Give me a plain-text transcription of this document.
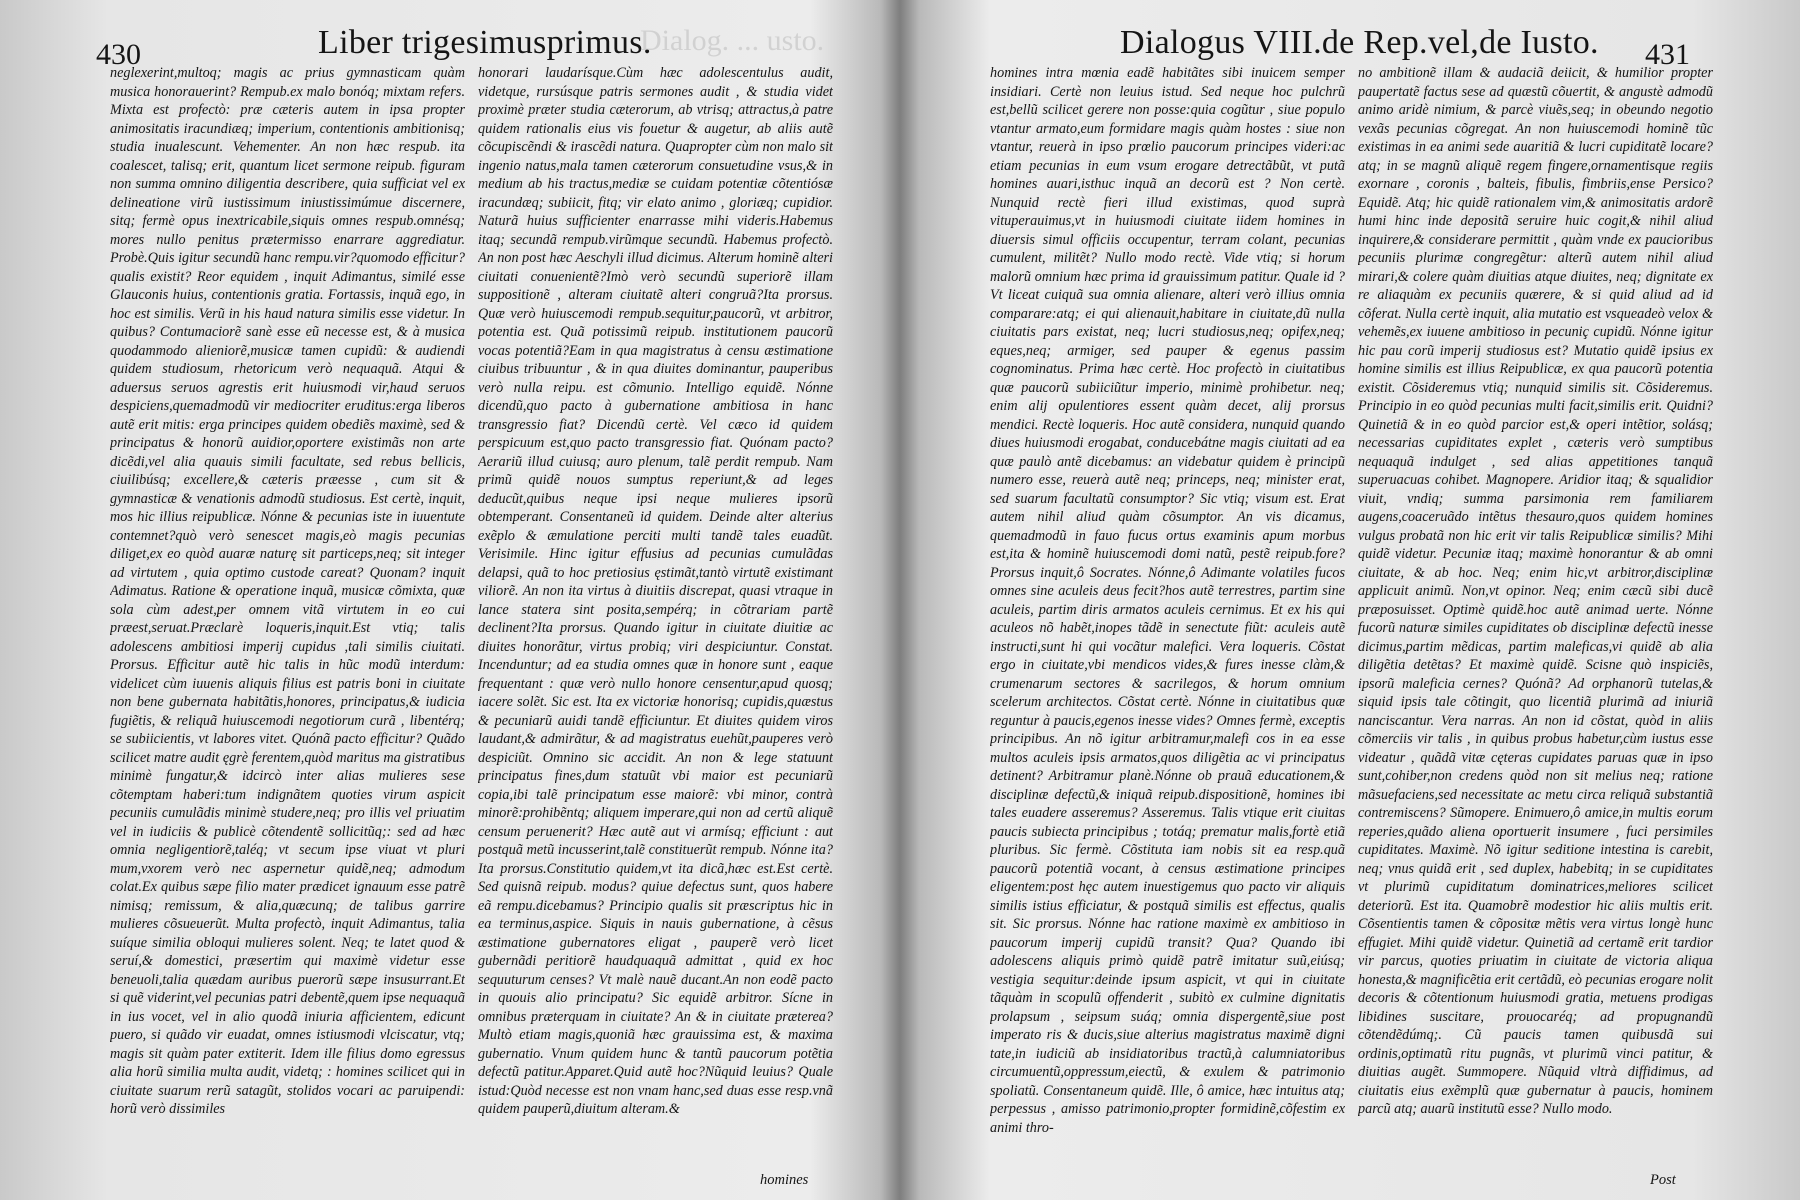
430	Liber trigesimusprimus.
Dialog. ... usto.
neglexerint,multoq; magis ac prius gymnasticam quàm musica honorauerint? Rempub.ex malo bonóq; mixtam refers. Mixta est profectò: præ cæteris autem in ipsa propter animositatis iracundiæq; imperium, contentionis ambitionisq; studia inualescunt. Vehementer. An non hæc respub. ita coalescet, talisq; erit, quantum licet sermone reipub. figuram non summa omnino diligentia describere, quia sufficiat vel ex delineatione virũ iustissimum iniustissimúmue discernere, sitq; fermè opus inextricabile,siquis omnes respub.omnésq; mores nullo penitus prætermisso enarrare aggrediatur. Probè.Quis igitur secundũ hanc rempu.vir?quomodo efficitur?qualis existit? Reor equidem , inquit Adimantus, similé esse Glauconis huius, contentionis gratia. Fortassis, inquã ego, in hoc est similis. Verũ in his haud natura similis esse videtur. In quibus? Contumaciorẽ sanè esse eũ necesse est, & à musica quodammodo alieniorẽ,musicæ tamen cupidũ: & audiendi quidem studiosum, rhetoricum verò nequaquã. Atqui & aduersus seruos agrestis erit huiusmodi vir,haud seruos despiciens,quemadmodũ vir mediocriter eruditus:erga liberos autẽ erit mitis: erga principes quidem obediẽs maximè, sed & principatus & honorũ auidior,oportere existimãs non arte dicẽdi,vel alia quauis simili facultate, sed rebus bellicis, ciuilibúsq; excellere,& cæteris præesse , cum sit & gymnasticæ & venationis admodũ studiosus. Est certè, inquit, mos hic illius reipublicæ. Nónne & pecunias iste in iuuentute contemnet?quò verò senescet magis,eò magis pecunias diliget,ex eo quòd auaræ naturę sit particeps,neq; sit integer ad virtutem , quia optimo custode careat? Quonam? inquit Adimatus. Ratione & operatione inquã, musicæ cõmixta, quæ sola cùm adest,per omnem vitã virtutem in eo cui præest,seruat.Præclarè loqueris,inquit.Est vtiq; talis adolescens ambitiosi imperij cupidus ,tali similis ciuitati. Prorsus. Efficitur autẽ hic talis in hũc modũ interdum: videlicet cùm iuuenis aliquis filius est patris boni in ciuitate non bene gubernata habitãtis,honores, principatus,& iudicia fugiẽtis, & reliquã huiuscemodi negotiorum curã , libentérq; se subiicientis, vt labores vitet. Quónã pacto efficitur? Quãdo scilicet matre audit ęgrè ferentem,quòd maritus ma gistratibus minimè fungatur,& idcircò inter alias mulieres sese cõtemptam haberi:tum indignãtem quoties virum aspicit pecuniis cumulãdis minimè studere,neq; pro illis vel priuatim vel in iudiciis & publicè cõtendentẽ sollicitũq;: sed ad hæc omnia negligentiorẽ,taléq; vt secum ipse viuat vt pluri mum,vxorem verò nec aspernetur quidẽ,neq; admodum colat.Ex quibus sæpe filio mater prædicet ignauum esse patrẽ nimisq; remissum, & alia,quæcunq; de talibus garrire mulieres cõsueuerũt. Multa profectò, inquit Adimantus, talia suíque similia obloqui mulieres solent. Neq; te latet quod & seruí,& domestici, præsertim qui maximè videtur esse beneuoli,talia quædam auribus puerorũ sæpe insusurrant.Et si quẽ viderint,vel pecunias patri debentẽ,quem ipse nequaquã in ius vocet, vel in alio quodã iniuria afficientem, edicunt puero, si quãdo vir euadat, omnes istiusmodi vlciscatur, vtq; magis sit quàm pater extiterit. Idem ille filius domo egressus alia horũ similia multa audit, videtq; : homines scilicet qui in ciuitate suarum rerũ satagũt, stolidos vocari ac paruipendi: horũ verò dissimiles
honorari laudarísque.Cùm hæc adolescentulus audit, videtque, rursúsque patris sermones audit , & studia videt proximè præter studia cæterorum, ab vtrisq; attractus,à patre quidem rationalis eius vis fouetur & augetur, ab aliis autẽ cõcupiscẽndi & irascẽdi natura. Quapropter cùm non malo sit ingenio natus,mala tamen cæterorum consuetudine vsus,& in medium ab his tractus,mediæ se cuidam potentiæ cõtentiósæ iracundæq; subiicit, fitq; vir elato animo , gloriæq; cupidior. Naturã huius sufficienter enarrasse mihi videris.Habemus itaq; secundã rempub.virũmque secundũ. Habemus profectò. An non post hæc Aeschyli illud dicimus. Alterum hominẽ alteri ciuitati conuenientẽ?Imò verò secundũ superiorẽ illam suppositionẽ , alteram ciuitatẽ alteri congruã?Ita prorsus. Quæ verò huiuscemodi rempub.sequitur,paucorũ, vt arbitror, potentia est. Quã potissimũ reipub. institutionem paucorũ vocas potentiã?Eam in qua magistratus à censu æstimatione ciuibus tribuuntur , & in qua diuites dominantur, pauperibus verò nulla reipu. est cõmunio. Intelligo equidẽ. Nónne dicendũ,quo pacto à gubernatione ambitiosa in hanc transgressio fiat? Dicendũ certè. Vel cæco id quidem perspicuum est,quo pacto transgressio fiat. Quónam pacto?Aerariũ illud cuiusq; auro plenum, talẽ perdit rempub. Nam primũ quidẽ nouos sumptus reperiunt,& ad leges deducũt,quibus neque ipsi neque mulieres ipsorũ obtemperant. Consentaneũ id quidem. Deinde alter alterius exẽplo & æmulatione perciti multi tandẽ tales euadũt. Verisimile. Hinc igitur effusius ad pecunias cumulãdas delapsi, quã to hoc pretiosius ęstimãt,tantò virtutẽ existimant viliorẽ. An non ita virtus à diuitiis discrepat, quasi vtraque in lance statera sint posita,sempérq; in cõtrariam partẽ declinent?Ita prorsus. Quando igitur in ciuitate diuitiæ ac diuites honorãtur, virtus probiq; viri despiciuntur. Constat. Incenduntur; ad ea studia omnes quæ in honore sunt , eaque frequentant : quæ verò nullo honore censentur,apud quosq; iacere solẽt. Sic est. Ita ex victoriæ honorisq; cupidis,quæstus & pecuniarũ auidi tandẽ efficiuntur. Et diuites quidem viros laudant,& admirãtur, & ad magistratus euehũt,pauperes verò despiciũt. Omnino sic accidit. An non & lege statuunt principatus fines,dum statuũt vbi maior est pecuniarũ copia,ibi talẽ principatum esse maiorẽ: vbi minor, contrà minorẽ:prohibẽntq; aliquem imperare,qui non ad certũ aliquẽ censum peruenerit? Hæc autẽ aut vi armísq; efficiunt : aut postquã metũ incusserint,talẽ constituerũt rempub. Nónne ita?Ita prorsus.Constitutio quidem,vt ita dicã,hæc est.Est certè. Sed quisnã reipub. modus? quiue defectus sunt, quos habere eã rempu.dicebamus? Principio qualis sit præscriptus hic in ea terminus,aspice. Siquis in nauis gubernatione, à cẽsus æstimatione gubernatores eligat , pauperẽ verò licet gubernãdi peritiorẽ haudquaquã admittat , quid ex hoc sequuturum censes? Vt malè nauẽ ducant.An non eodẽ pacto in quouis alio principatu? Sic equidẽ arbitror. Sícne in omnibus præterquam in ciuitate? An & in ciuitate præterea? Multò etiam magis,quoniã hæc grauissima est, & maxima gubernatio. Vnum quidem hunc & tantũ paucorum potẽtia defectũ patitur.Apparet.Quid autẽ hoc?Nũquid leuius? Quale istud:Quòd necesse est non vnam hanc,sed duas esse resp.vnã quidem pauperũ,diuitum alteram.&
homines
Dialogus VIII.de Rep.vel,de Iusto. 431
homines intra mœnia eadẽ habitãtes sibi inuicem semper insidiari. Certè non leuius istud. Sed neque hoc pulchrũ est,bellũ scilicet gerere non posse:quia cogũtur , siue populo vtantur armato,eum formidare magis quàm hostes : siue non vtantur, reuerà in ipso prœlio paucorum principes videri:ac etiam pecunias in eum vsum erogare detrectãbũt, vt putã homines auari,isthuc inquã an decorũ est ? Non certè. Nunquid rectè fieri illud existimas, quod suprà vituperauimus,vt in huiusmodi ciuitate iidem homines in diuersis simul officiis occupentur, terram colant, pecunias cumulent, militẽt? Nullo modo rectè. Vide vtiq; si horum malorũ omnium hæc prima id grauissimum patitur. Quale id ? Vt liceat cuiquã sua omnia alienare, alteri verò illius omnia comparare:atq; ei qui alienauit,habitare in ciuitate,dũ nulla ciuitatis pars existat, neq; lucri studiosus,neq; opifex,neq; eques,neq; armiger, sed pauper & egenus passim cognominatus. Prima hæc certè. Hoc profectò in ciuitatibus quæ paucorũ subiiciũtur imperio, minimè prohibetur. neq; enim alij opulentiores essent quàm decet, alij prorsus mendici. Rectè loqueris. Hoc autẽ considera, nunquid quando diues huiusmodi erogabat, conducebátne magis ciuitati ad ea quæ paulò antẽ dicebamus: an videbatur quidem è principũ numero esse, reuerà autẽ neq; princeps, neq; minister erat, sed suarum facultatũ consumptor? Sic vtiq; visum est. Erat autem nihil aliud quàm cõsumptor. An vis dicamus, quemadmodũ in fauo fucus ortus examinis apum morbus est,ita & hominẽ huiuscemodi domi natũ, pestẽ reipub.fore? Prorsus inquit,ô Socrates. Nónne,ô Adimante volatiles fucos omnes sine aculeis deus fecit?hos autẽ terrestres, partim sine aculeis, partim diris armatos aculeis cernimus. Et ex his qui aculeos nõ habẽt,inopes tãdẽ in senectute fiũt: aculeis autẽ instructi,sunt hi qui vocãtur malefici. Vera loqueris. Cõstat ergo in ciuitate,vbi mendicos vides,& fures inesse clàm,& crumenarum sectores & sacrilegos, & horum omnium scelerum architectos. Cõstat certè. Nónne in ciuitatibus quæ reguntur à paucis,egenos inesse vides? Omnes fermè, exceptis principibus. An nõ igitur arbitramur,malefi cos in ea esse multos aculeis ipsis armatos,quos diligẽtia ac vi principatus detinent? Arbitramur planè.Nónne ob prauã educationem,& disciplinæ defectũ,& iniquã reipub.dispositionẽ, homines ibi tales euadere asseremus? Asseremus. Talis vtique erit ciuitas paucis subiecta principibus ; totáq; prematur malis,fortè etiã pluribus. Sic fermè. Cõstituta iam nobis sit ea resp.quã paucorũ potentiã vocant, à census æstimatione principes eligentem:post hęc autem inuestigemus quo pacto vir aliquis similis istius efficiatur, & postquã similis est effectus, qualis sit. Sic prorsus. Nónne hac ratione maximè ex ambitioso in paucorum imperij cupidũ transit? Qua? Quando ibi adolescens aliquis primò quidẽ patrẽ imitatur suũ,eiúsq; vestigia sequitur:deinde ipsum aspicit, vt qui in ciuitate tãquàm in scopulũ offenderit , subitò ex culmine dignitatis prolapsum , seipsum suáq; omnia dispergentẽ,siue post imperato ris & ducis,siue alterius magistratus maximẽ digni tate,in iudiciũ ab insidiatoribus tractũ,à calumniatoribus circumuentũ,oppressum,eiectũ, & exulem & patrimonio spoliatũ. Consentaneum quidẽ. Ille, ô amice, hæc intuitus atq; perpessus , amisso patrimonio,propter formidinẽ,cõfestim ex animi thro-
no ambitionẽ illam & audaciã deiicit, & humilior propter paupertatẽ factus sese ad quæstũ cõuertit, & angustè admodũ animo aridè nimium, & parcè viuẽs,seq; in obeundo negotio vexãs pecunias cõgregat. An non huiuscemodi hominẽ tũc existimas in ea animi sede auaritiã & lucri cupiditatẽ locare? atq; in se magnũ aliquẽ regem fingere,ornamentisque regiis exornare , coronis , balteis, fibulis, fimbriis,ense Persico? Equidẽ. Atq; hic quidẽ rationalem vim,& animositatis ardorẽ humi hinc inde depositã seruire huic cogit,& nihil aliud inquirere,& considerare permittit , quàm vnde ex paucioribus pecuniis plurimæ congregẽtur: alterũ autem nihil aliud mirari,& colere quàm diuitias atque diuites, neq; dignitate ex re aliaquàm ex pecuniis quærere, & si quid aliud ad id cõferat. Nulla certè inquit, alia mutatio est vsqueadeò velox & vehemẽs,ex iuuene ambitioso in pecuniç cupidũ. Nónne igitur hic pau corũ imperij studiosus est? Mutatio quidẽ ipsius ex homine similis est illius Reipublicæ, ex qua paucorũ potentia existit. Cõsideremus vtiq; nunquid similis sit. Cõsideremus. Principio in eo quòd pecunias multi facit,similis erit. Quidni? Quinetiã & in eo quòd parcior est,& operi intẽtior, solásq; necessarias cupiditates explet , cæteris verò sumptibus nequaquã indulget , sed alias appetitiones tanquã superuacuas cohibet. Magnopere. Aridior itaq; & squalidior viuit, vndiq; summa parsimonia rem familiarem augens,coaceruãdo intẽtus thesauro,quos quidem homines vulgus probatã non hic erit vir talis Reipublicæ similis? Mihi quidẽ videtur. Pecuniæ itaq; maximè honorantur & ab omni ciuitate, & ab hoc. Neq; enim hic,vt arbitror,disciplinæ applicuit animũ. Non,vt opinor. Neq; enim cæcũ sibi ducẽ præposuisset. Optimè quidẽ.hoc autẽ animad uerte. Nónne fucorũ naturæ similes cupiditates ob disciplinæ defectũ inesse dicimus,partim mẽdicas, partim maleficas,vi quidẽ ab alia diligẽtia detẽtas? Et maximè quidẽ. Scisne quò inspiciẽs, ipsorũ maleficia cernes? Quónã? Ad orphanorũ tutelas,& siquid ipsis tale cõtingit, quo licentiã plurimã ad iniuriã nanciscantur. Vera narras. An non id cõstat, quòd in aliis cõmerciis vir talis , in quibus probus habetur,cùm iustus esse videatur , quãdã vitæ cęteras cupidates paruas quæ in ipso sunt,cohiber,non credens quòd non sit melius neq; ratione mãsuefaciens,sed necessitate ac metu circa reliquã substantiã contremiscens? Sũmopere. Enimuero,ô amice,in multis eorum reperies,quãdo aliena oportuerit insumere , fuci persimiles cupiditates. Maximè. Nõ igitur seditione intestina is carebit, neq; vnus quidã erit , sed duplex, habebitq; in se cupiditates vt plurimũ cupiditatum dominatrices,meliores scilicet deteriorũ. Est ita. Quamobrẽ modestior hic aliis multis erit. Cõsentientis tamen & cõpositæ mẽtis vera virtus longè hunc effugiet. Mihi quidẽ videtur. Quinetiã ad certamẽ erit tardior vir parcus, quoties priuatim in ciuitate de victoria aliqua honesta,& magnificẽtia erit certãdũ, eò pecunias erogare nolit decoris & cõtentionum huiusmodi gratia, metuens prodigas libidines suscitare, prouocaréq; ad propugnandũ cõtendẽdúmq;. Cũ paucis tamen quibusdã sui ordinis,optimatũ ritu pugnãs, vt plurimũ vinci patitur, & diuitias augẽt. Summopere. Nũquid vltrà diffidimus, ad ciuitatis eius exẽmplũ quæ gubernatur à paucis, hominem parcũ atq; auarũ institutũ esse? Nullo modo.
Post
